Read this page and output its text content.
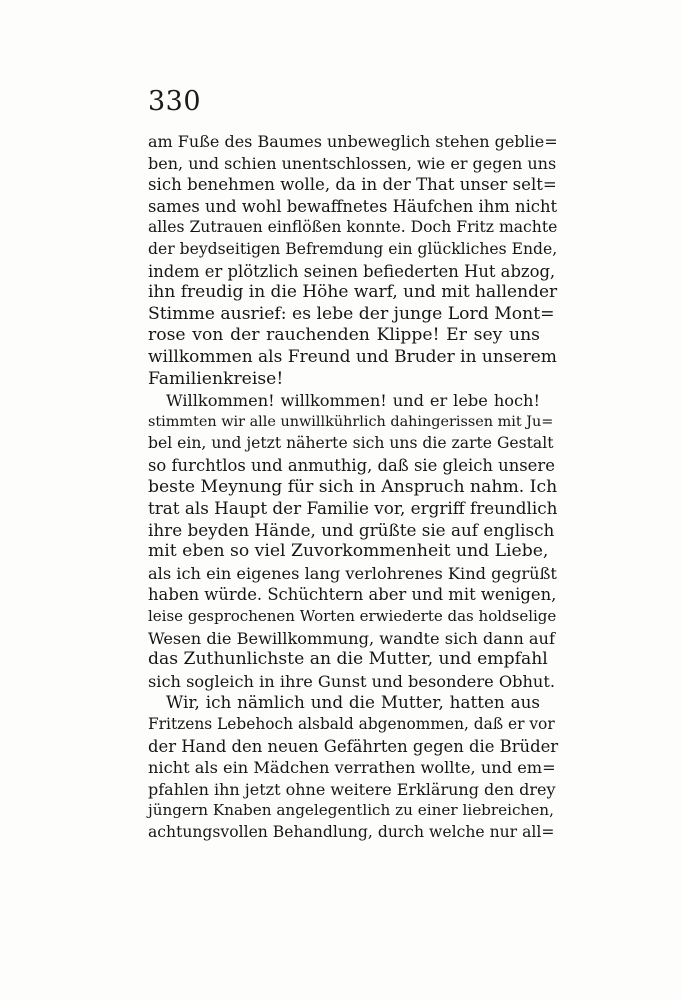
330
am Fuße des Baumes unbeweglich stehen geblie=
ben, und schien unentschlossen, wie er gegen uns
sich benehmen wolle, da in der That unser selt=
sames und wohl bewaffnetes Häufchen ihm nicht
alles Zutrauen einflößen konnte. Doch Fritz machte
der beydseitigen Befremdung ein glückliches Ende,
indem er plötzlich seinen befiederten Hut abzog,
ihn freudig in die Höhe warf, und mit hallender
Stimme ausrief: es lebe der junge Lord Mont=
rose von der rauchenden Klippe! Er sey uns
willkommen als Freund und Bruder in unserem
Familienkreise!
Willkommen! willkommen! und er lebe hoch!
stimmten wir alle unwillkührlich dahingerissen mit Ju=
bel ein, und jetzt näherte sich uns die zarte Gestalt
so furchtlos und anmuthig, daß sie gleich unsere
beste Meynung für sich in Anspruch nahm. Ich
trat als Haupt der Familie vor, ergriff freundlich
ihre beyden Hände, und grüßte sie auf englisch
mit eben so viel Zuvorkommenheit und Liebe,
als ich ein eigenes lang verlohrenes Kind gegrüßt
haben würde. Schüchtern aber und mit wenigen,
leise gesprochenen Worten erwiederte das holdselige
Wesen die Bewillkommung, wandte sich dann auf
das Zuthunlichste an die Mutter, und empfahl
sich sogleich in ihre Gunst und besondere Obhut.
Wir, ich nämlich und die Mutter, hatten aus
Fritzens Lebehoch alsbald abgenommen, daß er vor
der Hand den neuen Gefährten gegen die Brüder
nicht als ein Mädchen verrathen wollte, und em=
pfahlen ihn jetzt ohne weitere Erklärung den drey
jüngern Knaben angelegentlich zu einer liebreichen,
achtungsvollen Behandlung, durch welche nur all=
